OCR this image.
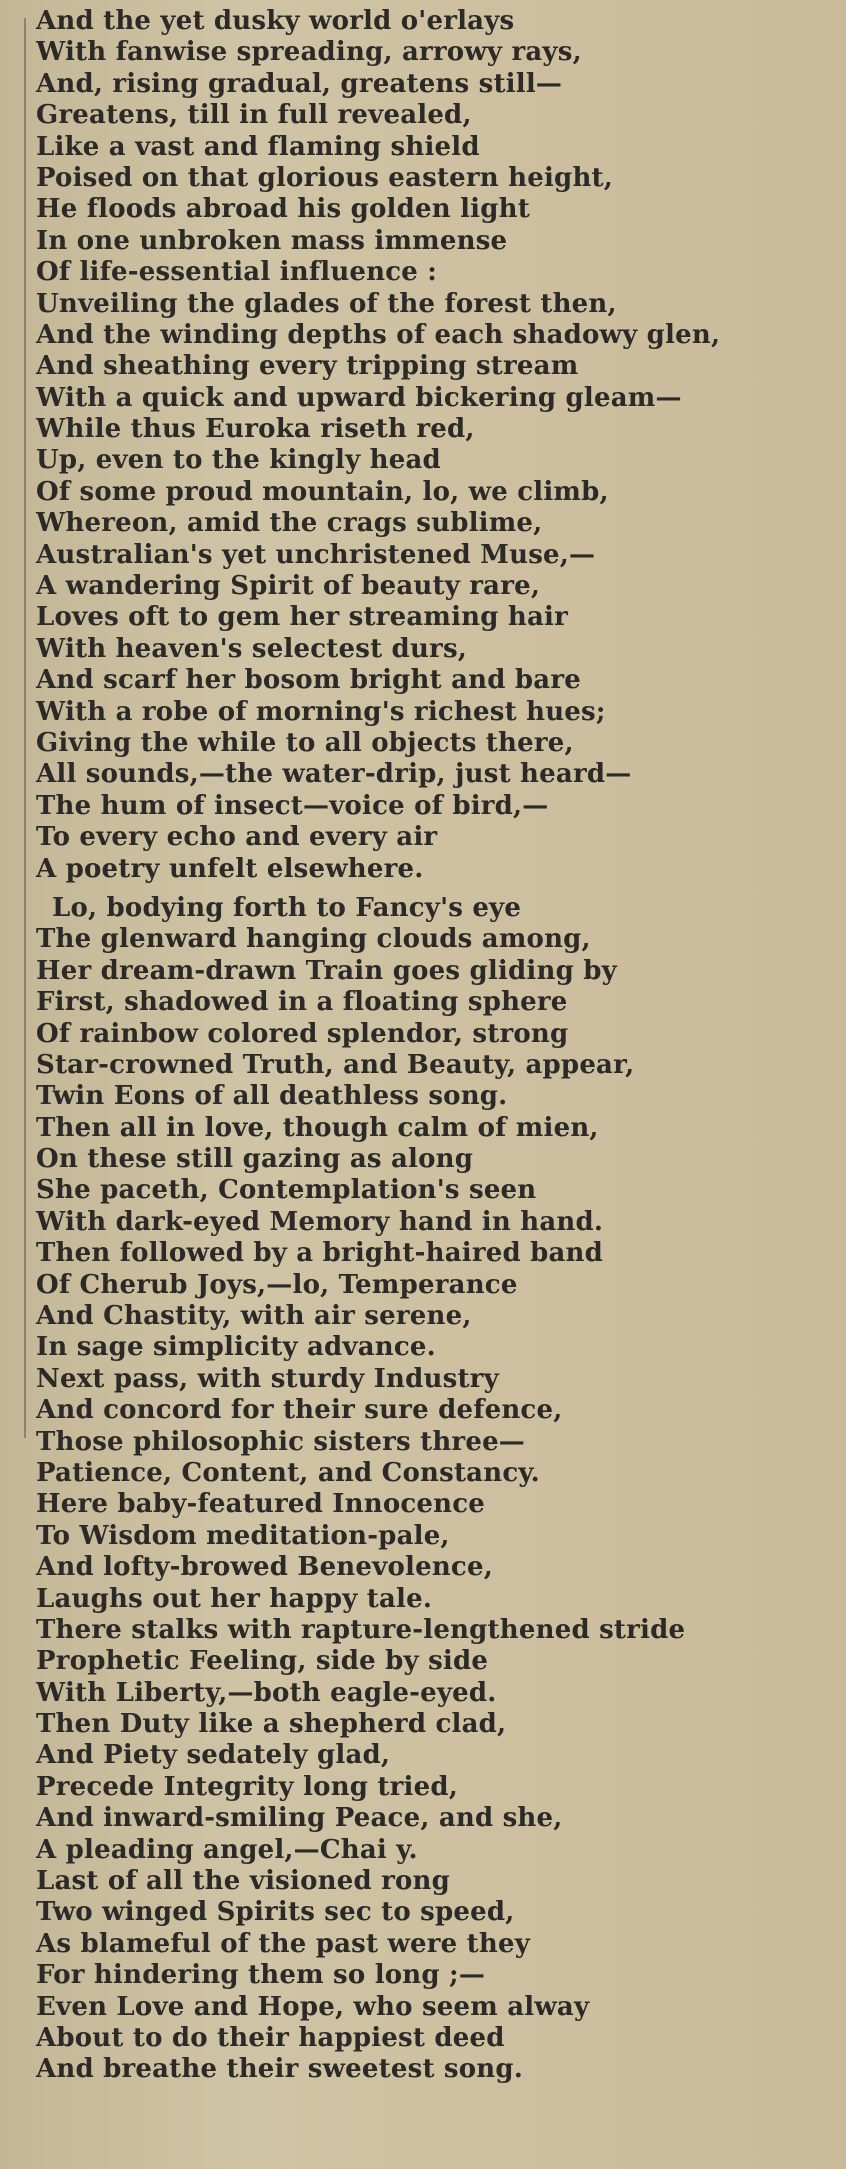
And the yet dusky world o'erlays
With fanwise spreading, arrowy rays,
And, rising gradual, greatens still—
Greatens, till in full revealed,
Like a vast and flaming shield
Poised on that glorious eastern height,
He floods abroad his golden light
In one unbroken mass immense
Of life-essential influence :
Unveiling the glades of the forest then,
And the winding depths of each shadowy glen,
And sheathing every tripping stream
With a quick and upward bickering gleam—
While thus Euroka riseth red,
Up, even to the kingly head
Of some proud mountain, lo, we climb,
Whereon, amid the crags sublime,
Australian's yet unchristened Muse,—
A wandering Spirit of beauty rare,
Loves oft to gem her streaming hair
With heaven's selectest durs,
And scarf her bosom bright and bare
With a robe of morning's richest hues;
Giving the while to all objects there,
All sounds,—the water-drip, just heard—
The hum of insect—voice of bird,—
To every echo and every air
A poetry unfelt elsewhere.
Lo, bodying forth to Fancy's eye
The glenward hanging clouds among,
Her dream-drawn Train goes gliding by
First, shadowed in a floating sphere
Of rainbow colored splendor, strong
Star-crowned Truth, and Beauty, appear,
Twin Eons of all deathless song.
Then all in love, though calm of mien,
On these still gazing as along
She paceth, Contemplation's seen
With dark-eyed Memory hand in hand.
Then followed by a bright-haired band
Of Cherub Joys,—lo, Temperance
And Chastity, with air serene,
In sage simplicity advance.
Next pass, with sturdy Industry
And concord for their sure defence,
Those philosophic sisters three—
Patience, Content, and Constancy.
Here baby-featured Innocence
To Wisdom meditation-pale,
And lofty-browed Benevolence,
Laughs out her happy tale.
There stalks with rapture-lengthened stride
Prophetic Feeling, side by side
With Liberty,—both eagle-eyed.
Then Duty like a shepherd clad,
And Piety sedately glad,
Precede Integrity long tried,
And inward-smiling Peace, and she,
A pleading angel,—Chai y.
Last of all the visioned rong
Two winged Spirits sec to speed,
As blameful of the past were they
For hindering them so long ;—
Even Love and Hope, who seem alway
About to do their happiest deed
And breathe their sweetest song.
